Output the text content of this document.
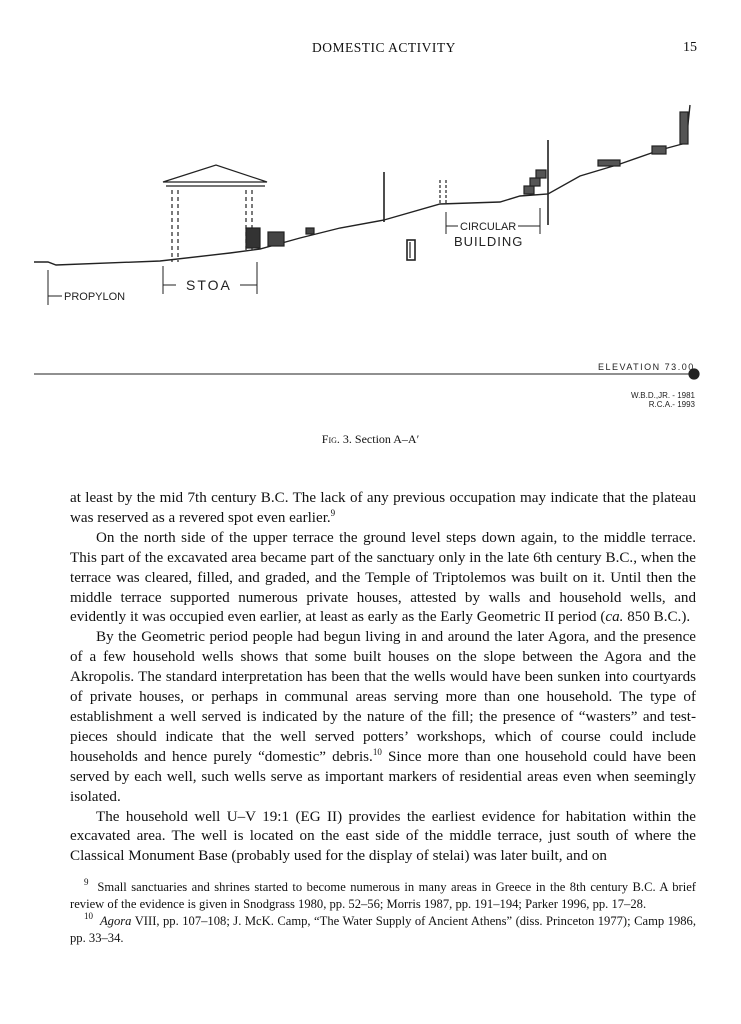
DOMESTIC ACTIVITY	15
PROPYLON
STOA
CIRCULAR
BUILDING
ELEVATION 73.00
W.B.D.,JR. - 1981
R.C.A.- 1993
Fig. 3. Section A–A′

at least by the mid 7th century B.C. The lack of any previous occupation may indicate that the plateau was reserved as a revered spot even earlier.$^9$

On the north side of the upper terrace the ground level steps down again, to the middle terrace. This part of the excavated area became part of the sanctuary only in the late 6th century B.C., when the terrace was cleared, filled, and graded, and the Temple of Triptolemos was built on it. Until then the middle terrace supported numerous private houses, attested by walls and household wells, and evidently it was occupied even earlier, at least as early as the Early Geometric II period (ca. 850 B.C.).

By the Geometric period people had begun living in and around the later Agora, and the presence of a few household wells shows that some built houses on the slope between the Agora and the Akropolis. The standard interpretation has been that the wells would have been sunken into courtyards of private houses, or perhaps in communal areas serving more than one household. The type of establishment a well served is indicated by the nature of the fill; the presence of “wasters” and test-pieces should indicate that the well served potters’ workshops, which of course could include households and hence purely “domestic” debris.$^{10}$ Since more than one household could have been served by each well, such wells serve as important markers of residential areas even when seemingly isolated.

The household well U–V 19:1 (EG II) provides the earliest evidence for habitation within the excavated area. The well is located on the east side of the middle terrace, just south of where the Classical Monument Base (probably used for the display of stelai) was later built, and on

$^9$ Small sanctuaries and shrines started to become numerous in many areas in Greece in the 8th century B.C. A brief review of the evidence is given in Snodgrass 1980, pp. 52–56; Morris 1987, pp. 191–194; Parker 1996, pp. 17–28.

$^{10}$ Agora VIII, pp. 107–108; J. McK. Camp, “The Water Supply of Ancient Athens” (diss. Princeton 1977); Camp 1986, pp. 33–34.
